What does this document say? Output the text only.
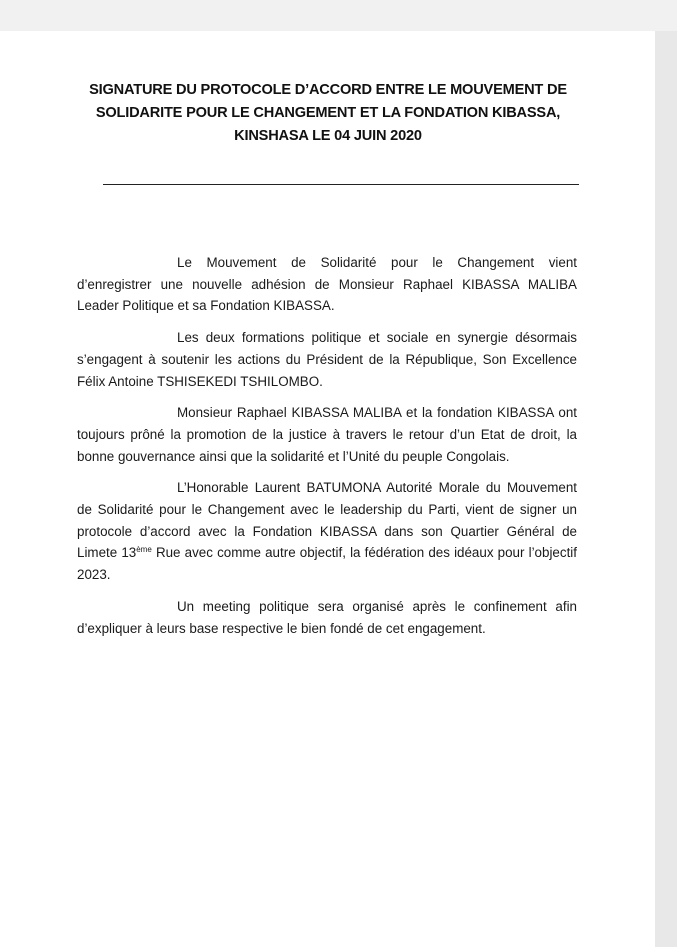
SIGNATURE DU PROTOCOLE D’ACCORD ENTRE LE MOUVEMENT DE SOLIDARITE POUR LE CHANGEMENT ET LA FONDATION KIBASSA, KINSHASA LE 04 JUIN 2020

Le Mouvement de Solidarité pour le Changement vient d’enregistrer une nouvelle adhésion de Monsieur Raphael KIBASSA MALIBA Leader Politique et sa Fondation KIBASSA.

Les deux formations politique et sociale en synergie désormais s’engagent à soutenir les actions du Président de la République, Son Excellence Félix Antoine TSHISEKEDI TSHILOMBO.

Monsieur Raphael KIBASSA MALIBA et la fondation KIBASSA ont toujours prôné la promotion de la justice à travers le retour d’un Etat de droit, la bonne gouvernance ainsi que la solidarité et l’Unité du peuple Congolais.

L’Honorable Laurent BATUMONA Autorité Morale du Mouvement de Solidarité pour le Changement avec le leadership du Parti, vient de signer un protocole d’accord avec la Fondation KIBASSA dans son Quartier Général de Limete 13ème Rue avec comme autre objectif, la fédération des idéaux pour l’objectif 2023.

Un meeting politique sera organisé après le confinement afin d’expliquer à leurs base respective le bien fondé de cet engagement.
